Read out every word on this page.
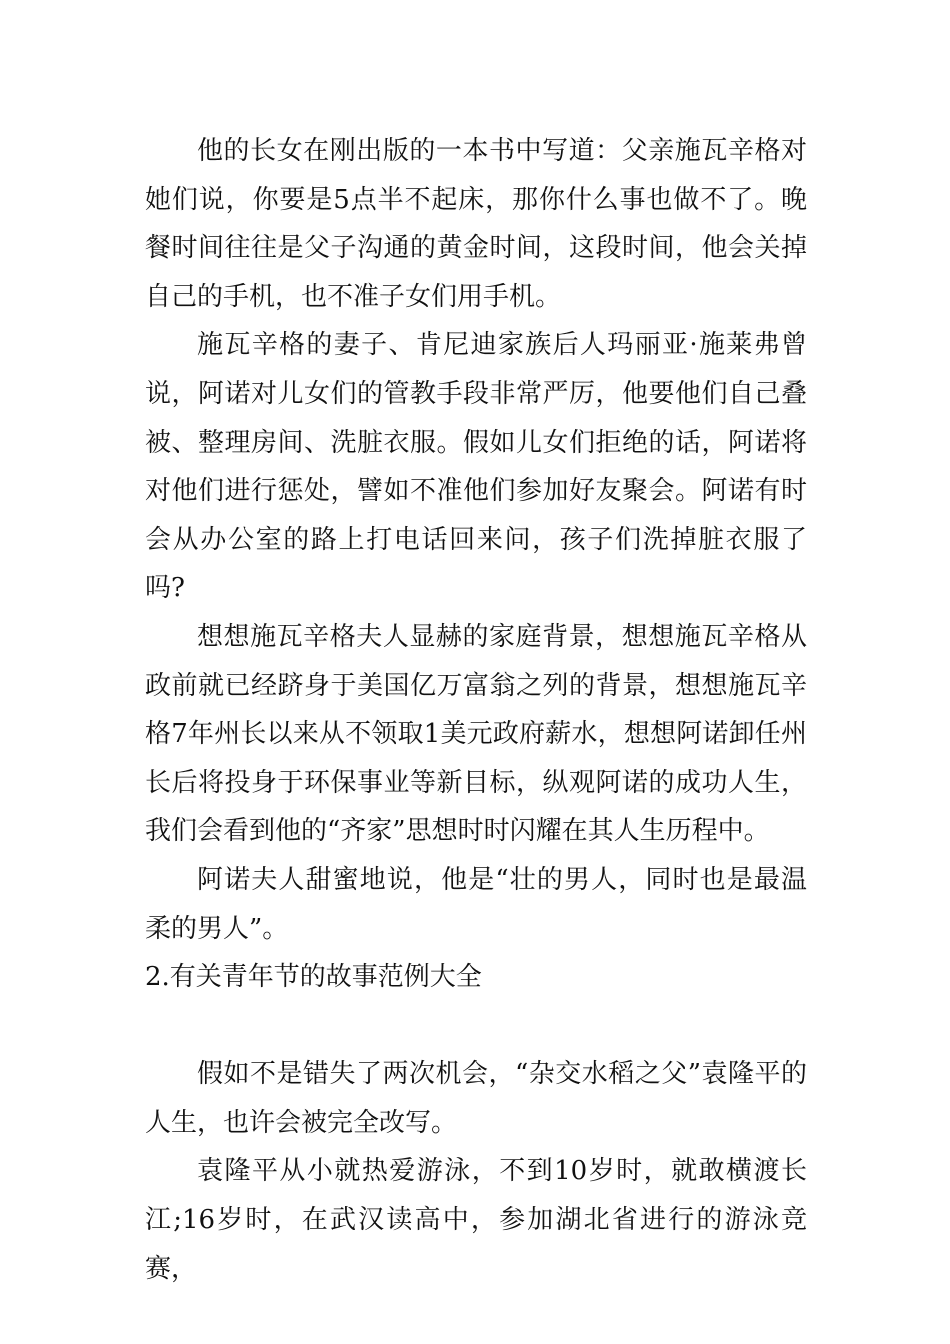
他的长女在刚出版的一本书中写道：父亲施瓦辛格对她们说，你要是5点半不起床，那你什么事也做不了。晚餐时间往往是父子沟通的黄金时间，这段时间，他会关掉自己的手机，也不准子女们用手机。

施瓦辛格的妻子、肯尼迪家族后人玛丽亚·施莱弗曾说，阿诺对儿女们的管教手段非常严厉，他要他们自己叠被、整理房间、洗脏衣服。假如儿女们拒绝的话，阿诺将对他们进行惩处，譬如不准他们参加好友聚会。阿诺有时会从办公室的路上打电话回来问，孩子们洗掉脏衣服了吗?

想想施瓦辛格夫人显赫的家庭背景，想想施瓦辛格从政前就已经跻身于美国亿万富翁之列的背景，想想施瓦辛格7年州长以来从不领取1美元政府薪水，想想阿诺卸任州长后将投身于环保事业等新目标，纵观阿诺的成功人生，我们会看到他的“齐家”思想时时闪耀在其人生历程中。

阿诺夫人甜蜜地说，他是“壮的男人，同时也是最温柔的男人”。

2.有关青年节的故事范例大全

假如不是错失了两次机会，“杂交水稻之父”袁隆平的人生，也许会被完全改写。

袁隆平从小就热爱游泳，不到10岁时，就敢横渡长江;16岁时，在武汉读高中，参加湖北省进行的游泳竞赛，
